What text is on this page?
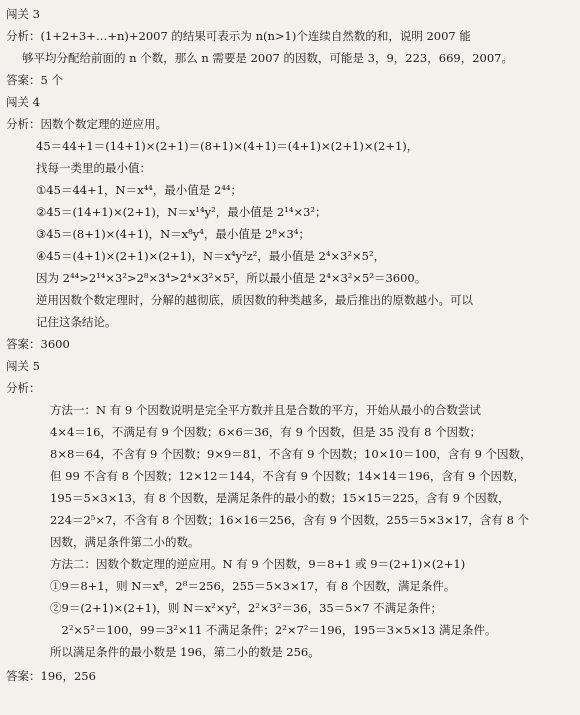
闯关 3
分析：(1+2+3+…+n)+2007 的结果可表示为 n(n>1)个连续自然数的和，说明 2007 能
够平均分配给前面的 n 个数，那么 n 需要是 2007 的因数，可能是 3，9，223，669，2007。
答案：5 个
闯关 4
分析：因数个数定理的逆应用。
45＝44+1＝(14+1)×(2+1)＝(8+1)×(4+1)＝(4+1)×(2+1)×(2+1)，
找每一类里的最小值：
①45＝44+1，N＝x⁴⁴，最小值是 2⁴⁴；
②45＝(14+1)×(2+1)，N＝x¹⁴y²，最小值是 2¹⁴×3²；
③45＝(8+1)×(4+1)，N＝x⁸y⁴，最小值是 2⁸×3⁴；
④45＝(4+1)×(2+1)×(2+1)，N＝x⁴y²z²，最小值是 2⁴×3²×5²，
因为 2⁴⁴>2¹⁴×3²>2⁸×3⁴>2⁴×3²×5²，所以最小值是 2⁴×3²×5²＝3600。
逆用因数个数定理时，分解的越彻底，质因数的种类越多，最后推出的原数越小。可以
记住这条结论。
答案：3600
闯关 5
分析：
方法一：N 有 9 个因数说明是完全平方数并且是合数的平方，开始从最小的合数尝试
4×4＝16，不满足有 9 个因数；6×6＝36，有 9 个因数，但是 35 没有 8 个因数；
8×8＝64，不含有 9 个因数；9×9＝81，不含有 9 个因数；10×10＝100，含有 9 个因数，
但 99 不含有 8 个因数；12×12＝144，不含有 9 个因数；14×14＝196，含有 9 个因数，
195＝5×3×13，有 8 个因数，是满足条件的最小的数；15×15＝225，含有 9 个因数，
224＝2⁵×7，不含有 8 个因数；16×16＝256，含有 9 个因数，255＝5×3×17，含有 8 个
因数，满足条件第二小的数。
方法二：因数个数定理的逆应用。N 有 9 个因数，9＝8+1 或 9＝(2+1)×(2+1)
①9＝8+1，则 N＝x⁸，2⁸＝256，255＝5×3×17，有 8 个因数，满足条件。
②9＝(2+1)×(2+1)，则 N＝x²×y²，2²×3²＝36，35＝5×7 不满足条件；
　2²×5²＝100，99＝3²×11 不满足条件；2²×7²＝196，195＝3×5×13 满足条件。
所以满足条件的最小数是 196，第二小的数是 256。
答案：196，256
